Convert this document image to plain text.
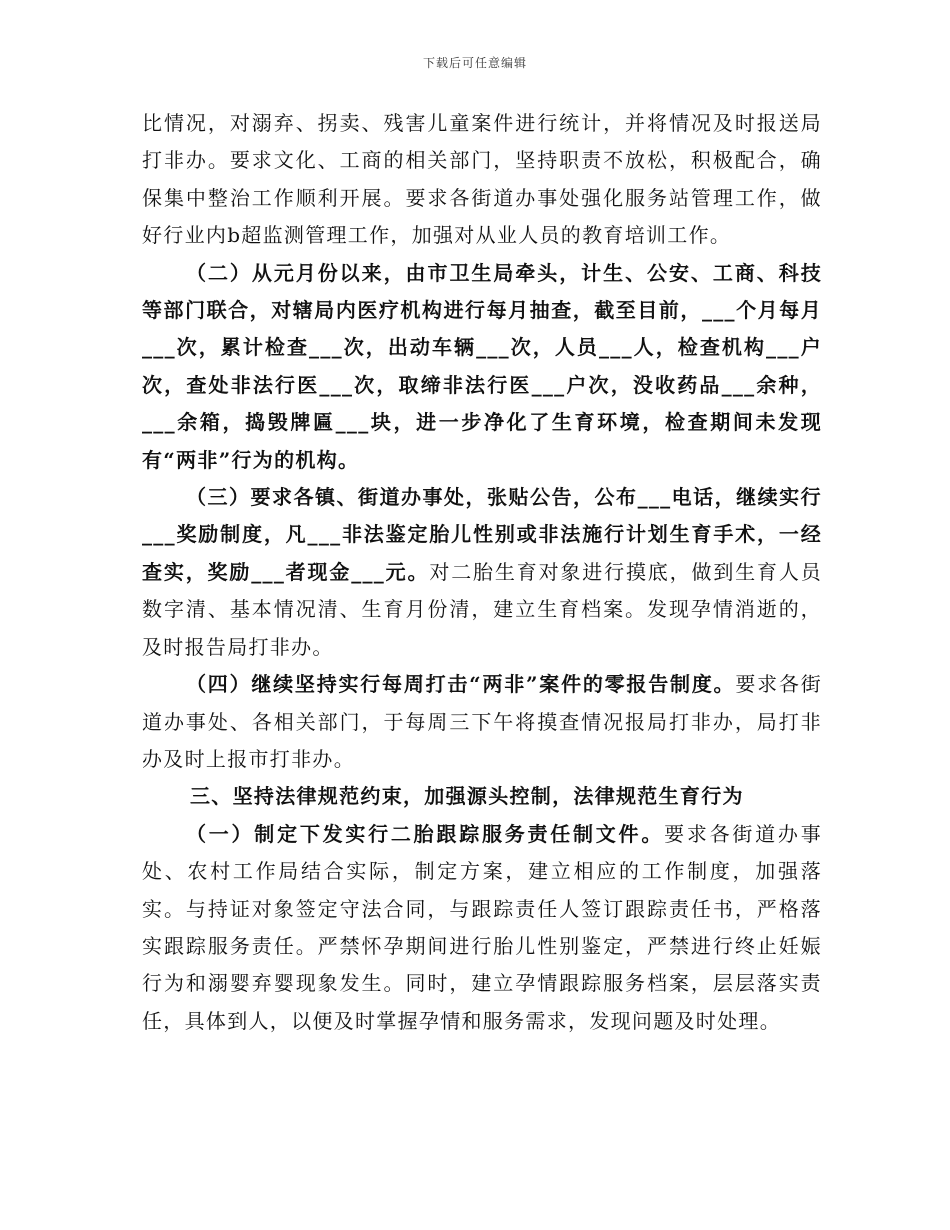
下载后可任意编辑

比情况，对溺弃、拐卖、残害儿童案件进行统计，并将情况及时报送局打非办。要求文化、工商的相关部门，坚持职责不放松，积极配合，确保集中整治工作顺利开展。要求各街道办事处强化服务站管理工作，做好行业内b超监测管理工作，加强对从业人员的教育培训工作。

（二）从元月份以来，由市卫生局牵头，计生、公安、工商、科技等部门联合，对辖局内医疗机构进行每月抽查，截至目前，___个月每月___次，累计检查___次，出动车辆___次，人员___人，检查机构___户次，查处非法行医___次，取缔非法行医___户次，没收药品___余种，___余箱，捣毁牌匾___块，进一步净化了生育环境，检查期间未发现有“两非”行为的机构。

（三）要求各镇、街道办事处，张贴公告，公布___电话，继续实行___奖励制度，凡___非法鉴定胎儿性别或非法施行计划生育手术，一经查实，奖励___者现金___元。对二胎生育对象进行摸底，做到生育人员数字清、基本情况清、生育月份清，建立生育档案。发现孕情消逝的，及时报告局打非办。

（四）继续坚持实行每周打击“两非”案件的零报告制度。要求各街道办事处、各相关部门，于每周三下午将摸查情况报局打非办，局打非办及时上报市打非办。

三、坚持法律规范约束，加强源头控制，法律规范生育行为

（一）制定下发实行二胎跟踪服务责任制文件。要求各街道办事处、农村工作局结合实际，制定方案，建立相应的工作制度，加强落实。与持证对象签定守法合同，与跟踪责任人签订跟踪责任书，严格落实跟踪服务责任。严禁怀孕期间进行胎儿性别鉴定，严禁进行终止妊娠行为和溺婴弃婴现象发生。同时，建立孕情跟踪服务档案，层层落实责任，具体到人，以便及时掌握孕情和服务需求，发现问题及时处理。
